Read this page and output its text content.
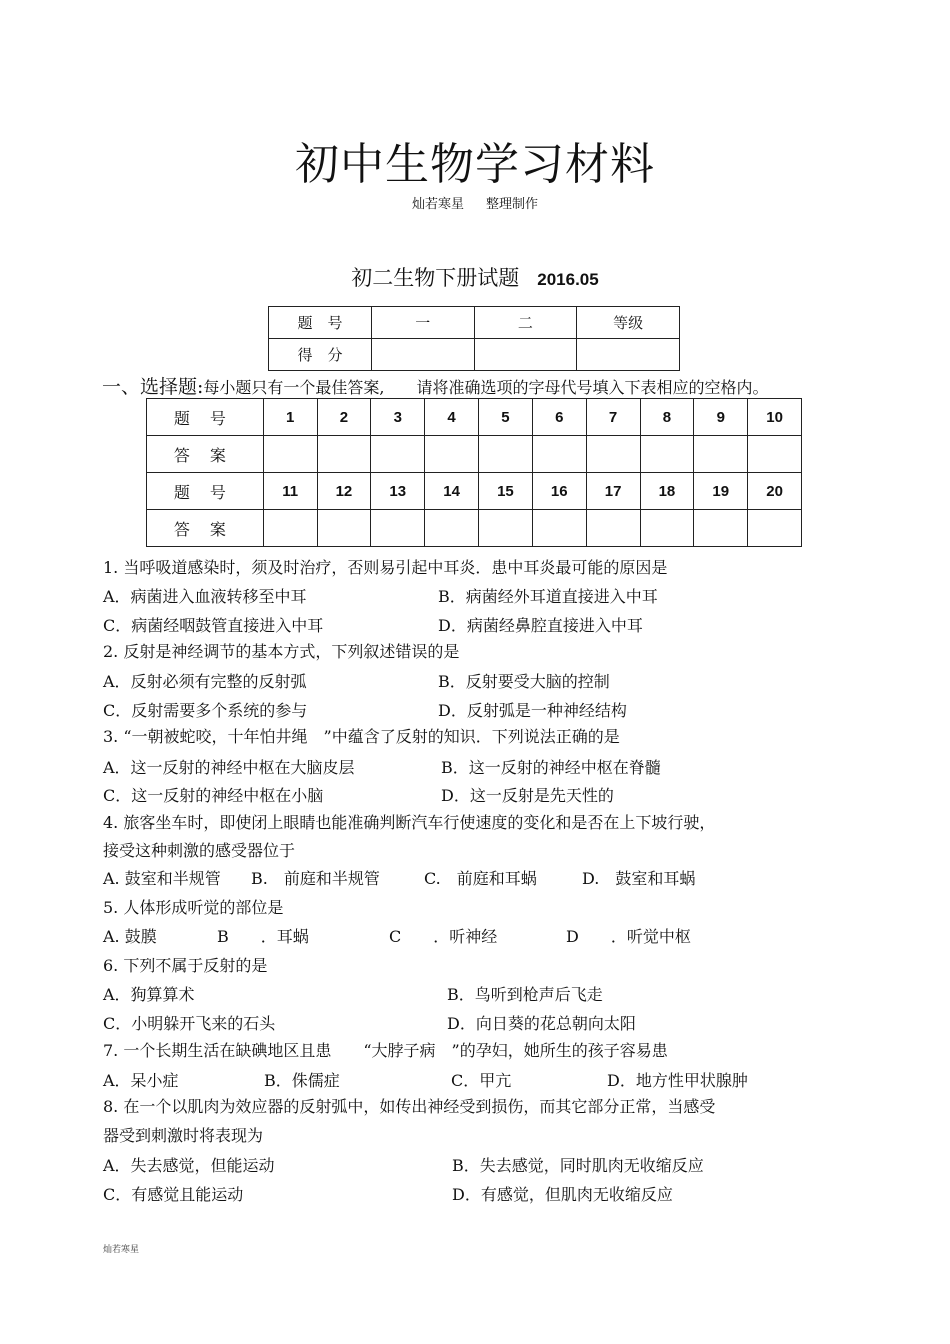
初中生物学习材料
灿若寒星 整理制作
初二生物下册试题 2016.05
题　号	一	二	等级
得　分			
一、选择题:每小题只有一个最佳答案,　　请将准确选项的字母代号填入下表相应的空格内。
题号	1	2	3	4	5	6	7	8	9	10
答案										
题号	11	12	13	14	15	16	17	18	19	20
答案										
1. 当呼吸道感染时，须及时治疗，否则易引起中耳炎．患中耳炎最可能的原因是
A．病菌进入血液转移至中耳	B．病菌经外耳道直接进入中耳
C．病菌经咽鼓管直接进入中耳	D．病菌经鼻腔直接进入中耳
2. 反射是神经调节的基本方式，下列叙述错误的是
A．反射必须有完整的反射弧	B．反射要受大脑的控制
C．反射需要多个系统的参与	D．反射弧是一种神经结构
3. “一朝被蛇咬，十年怕井绳　”中蕴含了反射的知识．下列说法正确的是
A．这一反射的神经中枢在大脑皮层	B．这一反射的神经中枢在脊髓
C．这一反射的神经中枢在小脑	D．这一反射是先天性的
4. 旅客坐车时，即使闭上眼睛也能准确判断汽车行使速度的变化和是否在上下坡行驶，
接受这种刺激的感受器位于
A. 鼓室和半规管 B.　前庭和半规管	C.　前庭和耳蜗	D.　鼓室和耳蜗
5. 人体形成听觉的部位是
A. 鼓膜	B　　．耳蜗	C　　．听神经	D　　．听觉中枢
6. 下列不属于反射的是
A．狗算算术	B．鸟听到枪声后飞走
C．小明躲开飞来的石头	D．向日葵的花总朝向太阳
7. 一个长期生活在缺碘地区且患　　“大脖子病　”的孕妇，她所生的孩子容易患
A．呆小症	B．侏儒症	C．甲亢	D．地方性甲状腺肿
8. 在一个以肌肉为效应器的反射弧中，如传出神经受到损伤，而其它部分正常，当感受
器受到刺激时将表现为
A．失去感觉，但能运动	B．失去感觉，同时肌肉无收缩反应
C．有感觉且能运动	D．有感觉，但肌肉无收缩反应
灿若寒星
